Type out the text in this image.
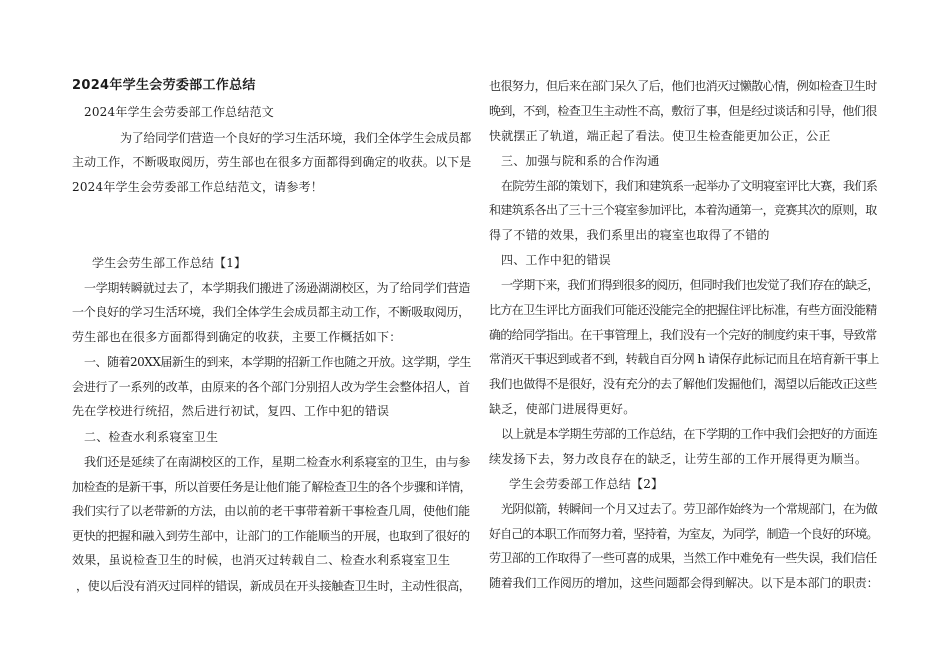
2024年学生会劳委部工作总结
2024年学生会劳委部工作总结范文
为了给同学们营造一个良好的学习生活环境，我们全体学生会成员都
主动工作，不断吸取阅历，劳生部也在很多方面都得到确定的收获。以下是
2024年学生会劳委部工作总结范文，请参考！
学生会劳生部工作总结【1】
一学期转瞬就过去了，本学期我们搬进了汤逊湖湖校区，为了给同学们营造
一个良好的学习生活环境，我们全体学生会成员都主动工作，不断吸取阅历，
劳生部也在很多方面都得到确定的收获，主要工作概括如下：
一、随着20XX届新生的到来，本学期的招新工作也随之开放。这学期，学生
会进行了一系列的改革，由原来的各个部门分别招人改为学生会整体招人，首
先在学校进行统招，然后进行初试，复四、工作中犯的错误
二、检查水利系寝室卫生
我们还是延续了在南湖校区的工作，星期二检查水利系寝室的卫生，由与参
加检查的是新干事，所以首要任务是让他们能了解检查卫生的各个步骤和详情，
我们实行了以老带新的方法，由以前的老干事带着新干事检查几周，使他们能
更快的把握和融入到劳生部中，让部门的工作能顺当的开展，也取到了很好的
效果，虽说检查卫生的时候，也消灭过转载自二、检查水利系寝室卫生
，使以后没有消灭过同样的错误，新成员在开头接触查卫生时，主动性很高，
也很努力，但后来在部门呆久了后，他们也消灭过懒散心情，例如检查卫生时
晚到，不到，检查卫生主动性不高，敷衍了事，但是经过谈话和引导，他们很
快就摆正了轨道，端正起了看法。使卫生检查能更加公正，公正
三、加强与院和系的合作沟通
在院劳生部的策划下，我们和建筑系一起举办了文明寝室评比大赛，我们系
和建筑系各出了三十三个寝室参加评比，本着沟通第一，竞赛其次的原则，取
得了不错的效果，我们系里出的寝室也取得了不错的
四、工作中犯的错误
一学期下来，我们们得到很多的阅历，但同时我们也发觉了我们存在的缺乏，
比方在卫生评比方面我们可能还没能完全的把握住评比标准，有些方面没能精
确的给同学指出。在干事管理上，我们没有一个完好的制度约束干事，导致常
常消灭干事迟到或者不到，转载自百分网 h 请保存此标记而且在培育新干事上
我们也做得不是很好，没有充分的去了解他们发掘他们，渴望以后能改正这些
缺乏，使部门进展得更好。
以上就是本学期生劳部的工作总结，在下学期的工作中我们会把好的方面连
续发扬下去，努力改良存在的缺乏，让劳生部的工作开展得更为顺当。
学生会劳委部工作总结【2】
光阴似箭，转瞬间一个月又过去了。劳卫部作始终为一个常规部门，在为做
好自己的本职工作而努力着，坚持着，为室友，为同学，制造一个良好的环境。
劳卫部的工作取得了一些可喜的成果，当然工作中难免有一些失误，我们信任
随着我们工作阅历的增加，这些问题都会得到解决。以下是本部门的职责：
